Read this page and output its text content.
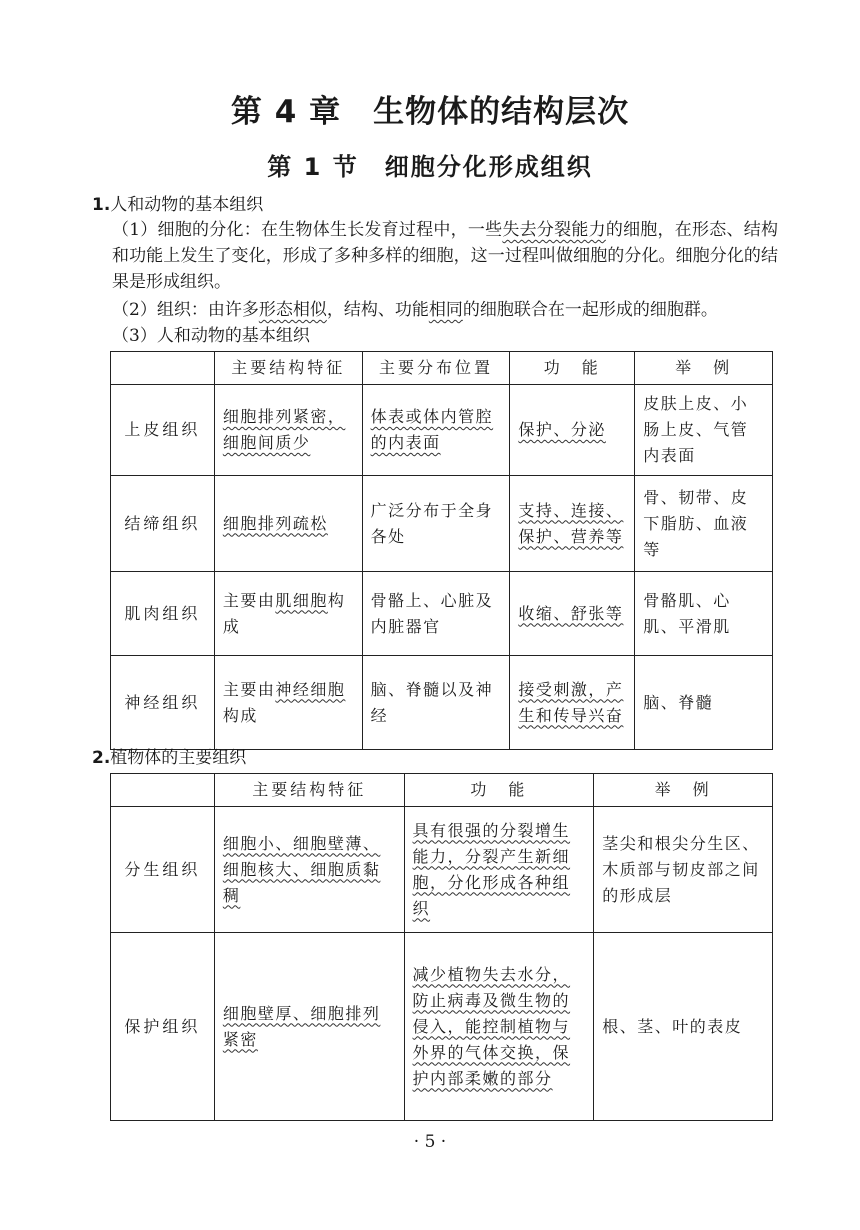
第 4 章　生物体的结构层次
第 1 节　细胞分化形成组织
1.人和动物的基本组织
（1）细胞的分化：在生物体生长发育过程中，一些失去分裂能力的细胞，在形态、结构和功能上发生了变化，形成了多种多样的细胞，这一过程叫做细胞的分化。细胞分化的结果是形成组织。
（2）组织：由许多形态相似，结构、功能相同的细胞联合在一起形成的细胞群。
（3）人和动物的基本组织
	主要结构特征	主要分布位置	功　能	举　例
上皮组织	细胞排列紧密，细胞间质少	体表或体内管腔的内表面	保护、分泌	皮肤上皮、小肠上皮、气管内表面
结缔组织	细胞排列疏松	广泛分布于全身各处	支持、连接、保护、营养等	骨、韧带、皮下脂肪、血液等
肌肉组织	主要由肌细胞构成	骨骼上、心脏及内脏器官	收缩、舒张等	骨骼肌、心肌、平滑肌
神经组织	主要由神经细胞构成	脑、脊髓以及神经	接受刺激，产生和传导兴奋	脑、脊髓
2.植物体的主要组织
	主要结构特征	功　能	举　例
分生组织	细胞小、细胞壁薄、细胞核大、细胞质黏稠	具有很强的分裂增生能力，分裂产生新细胞，分化形成各种组织	茎尖和根尖分生区、木质部与韧皮部之间的形成层
保护组织	细胞壁厚、细胞排列紧密	减少植物失去水分，防止病毒及微生物的侵入，能控制植物与外界的气体交换，保护内部柔嫩的部分	根、茎、叶的表皮
· 5 ·
